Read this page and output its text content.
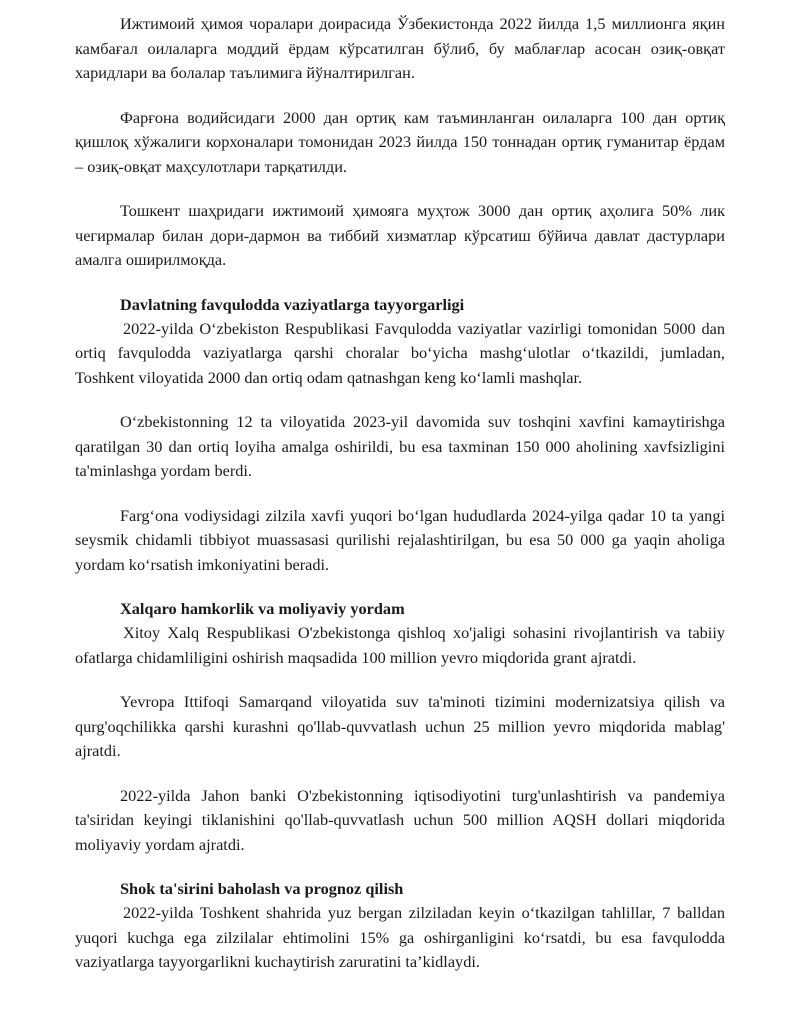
Ижтимоий ҳимоя чоралари доирасида Ўзбекистонда 2022 йилда 1,5 миллионга яқин камбағал оилаларга моддий ёрдам кўрсатилган бўлиб, бу маблағлар асосан озиқ-овқат харидлари ва болалар таълимига йўналтирилган.

Фарғона водийсидаги 2000 дан ортиқ кам таъминланган оилаларга 100 дан ортиқ қишлоқ хўжалиги корхоналари томонидан 2023 йилда 150 тоннадан ортиқ гуманитар ёрдам – озиқ-овқат маҳсулотлари тарқатилди.

Тошкент шаҳридаги ижтимоий ҳимояга муҳтож 3000 дан ортиқ аҳолига 50% лик чегирмалар билан дори-дармон ва тиббий хизматлар кўрсатиш бўйича давлат дастурлари амалга оширилмоқда.

Davlatning favqulodda vaziyatlarga tayyorgarligi

2022-yilda O‘zbekiston Respublikasi Favqulodda vaziyatlar vazirligi tomonidan 5000 dan ortiq favqulodda vaziyatlarga qarshi choralar bo‘yicha mashg‘ulotlar o‘tkazildi, jumladan, Toshkent viloyatida 2000 dan ortiq odam qatnashgan keng ko‘lamli mashqlar.

O‘zbekistonning 12 ta viloyatida 2023-yil davomida suv toshqini xavfini kamaytirishga qaratilgan 30 dan ortiq loyiha amalga oshirildi, bu esa taxminan 150 000 aholining xavfsizligini ta'minlashga yordam berdi.

Farg‘ona vodiysidagi zilzila xavfi yuqori bo‘lgan hududlarda 2024-yilga qadar 10 ta yangi seysmik chidamli tibbiyot muassasasi qurilishi rejalashtirilgan, bu esa 50 000 ga yaqin aholiga yordam ko‘rsatish imkoniyatini beradi.

Xalqaro hamkorlik va moliyaviy yordam

Xitoy Xalq Respublikasi O'zbekistonga qishloq xo'jaligi sohasini rivojlantirish va tabiiy ofatlarga chidamliligini oshirish maqsadida 100 million yevro miqdorida grant ajratdi.

Yevropa Ittifoqi Samarqand viloyatida suv ta'minoti tizimini modernizatsiya qilish va qurg'oqchilikka qarshi kurashni qo'llab-quvvatlash uchun 25 million yevro miqdorida mablag' ajratdi.

2022-yilda Jahon banki O'zbekistonning iqtisodiyotini turg'unlashtirish va pandemiya ta'siridan keyingi tiklanishini qo'llab-quvvatlash uchun 500 million AQSH dollari miqdorida moliyaviy yordam ajratdi.

Shok ta'sirini baholash va prognoz qilish

2022-yilda Toshkent shahrida yuz bergan zilziladan keyin o‘tkazilgan tahlillar, 7 balldan yuqori kuchga ega zilzilalar ehtimolini 15% ga oshirganligini ko‘rsatdi, bu esa favqulodda vaziyatlarga tayyorgarlikni kuchaytirish zaruratini ta’kidlaydi.
